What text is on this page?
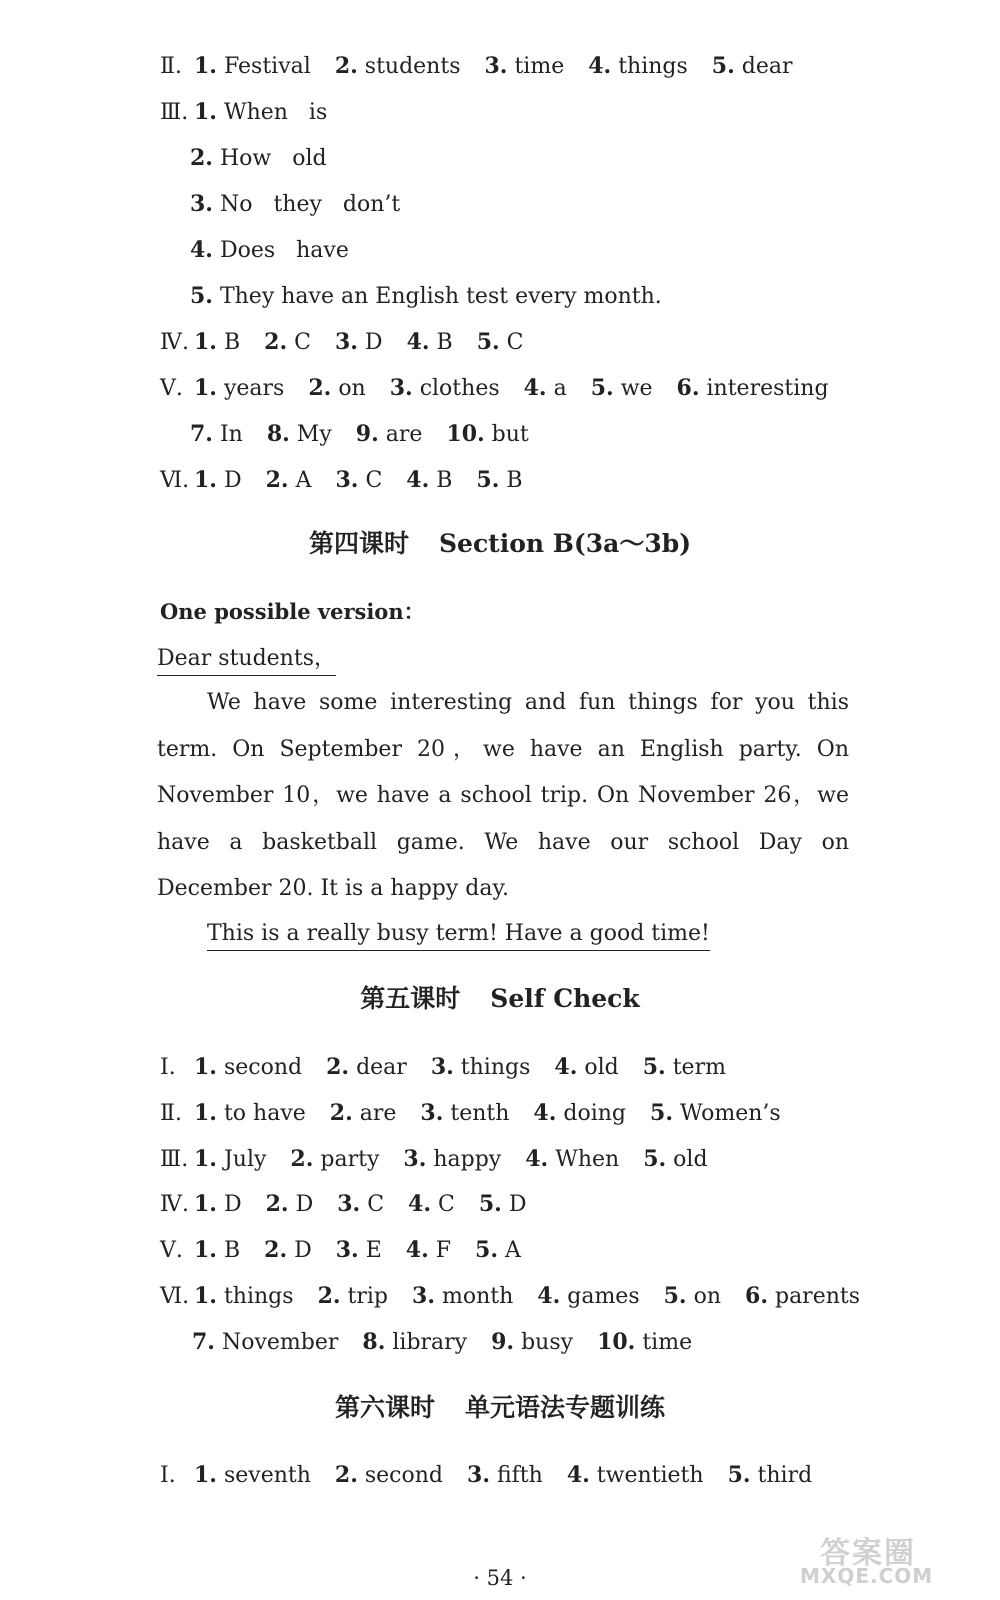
Ⅱ. 1. Festival 2. students 3. time 4. things 5. dear
Ⅲ. 1. When   is
2. How   old
3. No   they   don’t
4. Does   have
5. They have an English test every month.
Ⅳ. 1. B 2. C 3. D 4. B 5. C
Ⅴ. 1. years 2. on 3. clothes 4. a 5. we 6. interesting
7. In 8. My 9. are 10. but
Ⅵ. 1. D 2. A 3. C 4. B 5. B
第四课时 Section B(3a～3b)
One possible version：
Dear students，

We have some interesting and fun things for you this term. On September 20，we have an English party. On November 10，we have a school trip. On November 26，we have a basketball game. We have our school Day on December 20. It is a happy day.

This is a really busy term! Have a good time!
第五课时 Self Check
Ⅰ. 1. second 2. dear 3. things 4. old 5. term
Ⅱ. 1. to have 2. are 3. tenth 4. doing 5. Women’s
Ⅲ. 1. July 2. party 3. happy 4. When 5. old
Ⅳ. 1. D 2. D 3. C 4. C 5. D
Ⅴ. 1. B 2. D 3. E 4. F 5. A
Ⅵ. 1. things 2. trip 3. month 4. games 5. on 6. parents
7. November 8. library 9. busy 10. time
第六课时 单元语法专题训练
Ⅰ. 1. seventh 2. second 3. fifth 4. twentieth 5. third
· 54 ·
答案圈
MXQE.COM
